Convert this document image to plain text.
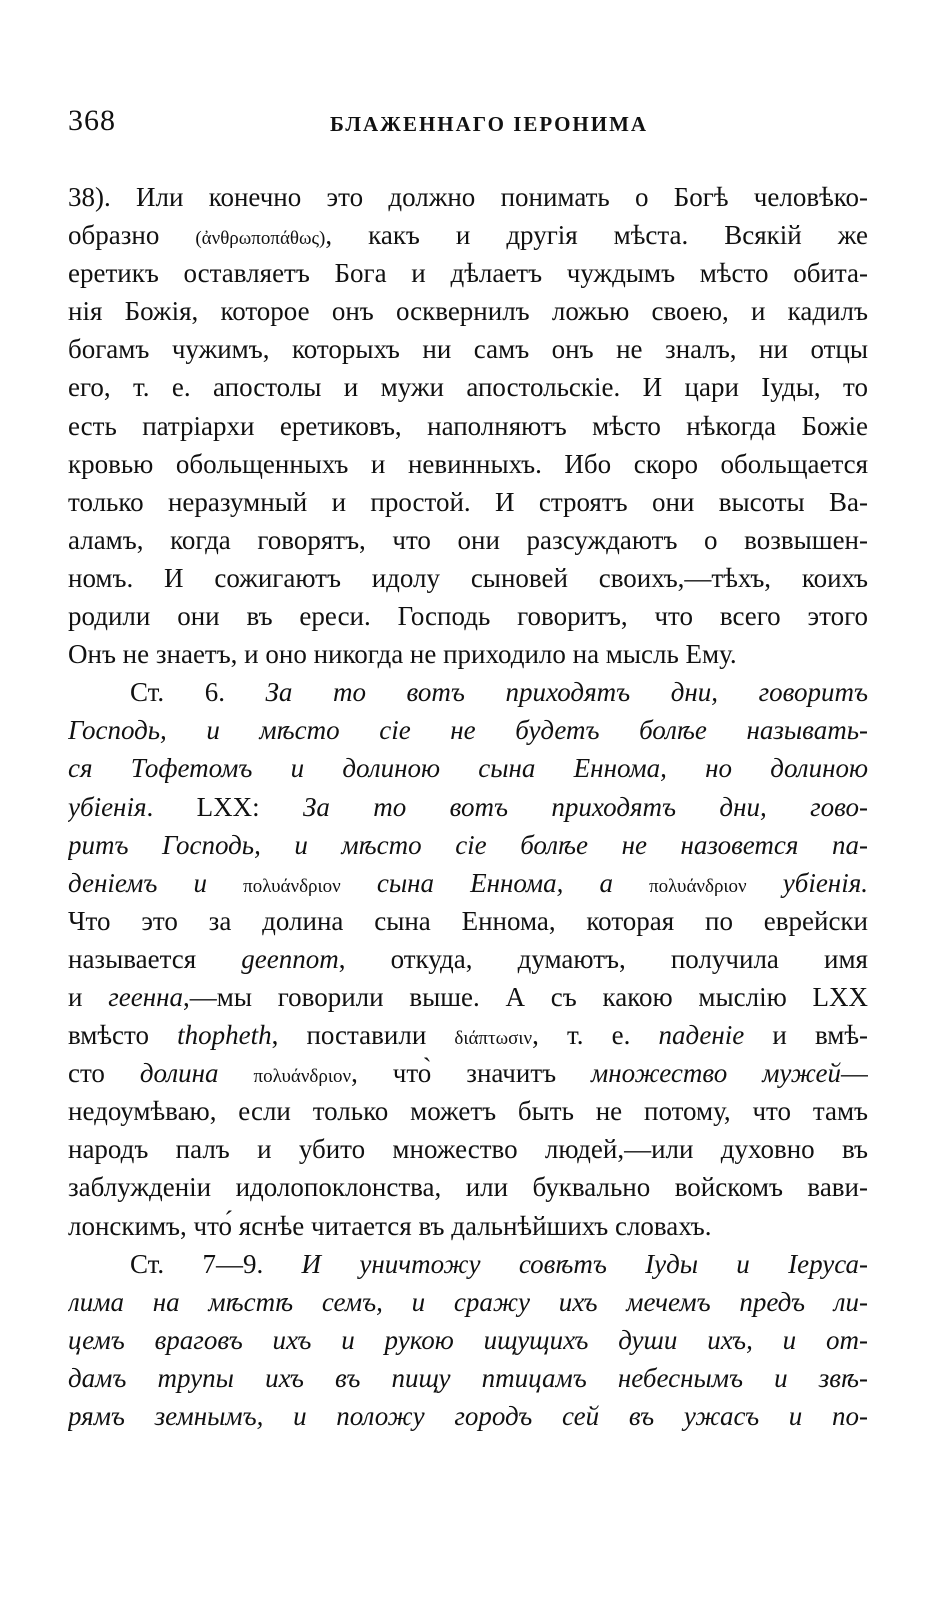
368	БЛАЖЕННАГО ІЕРОНИМА
38). Или конечно это должно понимать о Богѣ человѣко-
образно (ἀνθρωποπάθως), какъ и другія мѣста. Всякій же
еретикъ оставляетъ Бога и дѣлаетъ чуждымъ мѣсто обита-
нія Божія, которое онъ осквернилъ ложью своею, и кадилъ
богамъ чужимъ, которыхъ ни самъ онъ не зналъ, ни отцы
его, т. е. апостолы и мужи апостольскіе. И цари Іуды, то
есть патріархи еретиковъ, наполняютъ мѣсто нѣкогда Божіе
кровью обольщенныхъ и невинныхъ. Ибо скоро обольщается
только неразумный и простой. И строятъ они высоты Ва-
аламъ, когда говорятъ, что они разсуждаютъ о возвышен-
номъ. И сожигаютъ идолу сыновей своихъ,—тѣхъ, коихъ
родили они въ ереси. Господь говоритъ, что всего этого
Онъ не знаетъ, и оно никогда не приходило на мысль Ему.
Ст. 6. За то вотъ приходятъ дни, говоритъ
Господь, и мѣсто сіе не будетъ болѣе называть-
ся Тофетомъ и долиною сына Еннома, но долиною
убіенія. LXX: За то вотъ приходятъ дни, гово-
ритъ Господь, и мѣсто сіе болѣе не назовется па-
деніемъ и πολυάνδριον сына Еннома, а πολυάνδριον убіенія.
Что это за долина сына Еннома, которая по еврейски
называется geennom, откуда, думаютъ, получила имя
и геенна,—мы говорили выше. А съ какою мыслію LXX
вмѣсто thopheth, поставили διάπτωσιν, т. е. паденіе и вмѣ-
сто долина πολυάνδριον, что̀ значитъ множество мужей—
недоумѣваю, если только можетъ быть не потому, что тамъ
народъ палъ и убито множество людей,—или духовно въ
заблужденіи идолопоклонства, или буквально войскомъ вави-
лонскимъ, что́ яснѣе читается въ дальнѣйшихъ словахъ.
Ст. 7—9. И уничтожу совѣтъ Іуды и Іеруса-
лима на мѣстѣ семъ, и сражу ихъ мечемъ предъ ли-
цемъ враговъ ихъ и рукою ищущихъ души ихъ, и от-
дамъ трупы ихъ въ пищу птицамъ небеснымъ и звѣ-
рямъ земнымъ, и положу городъ сей въ ужасъ и по-
